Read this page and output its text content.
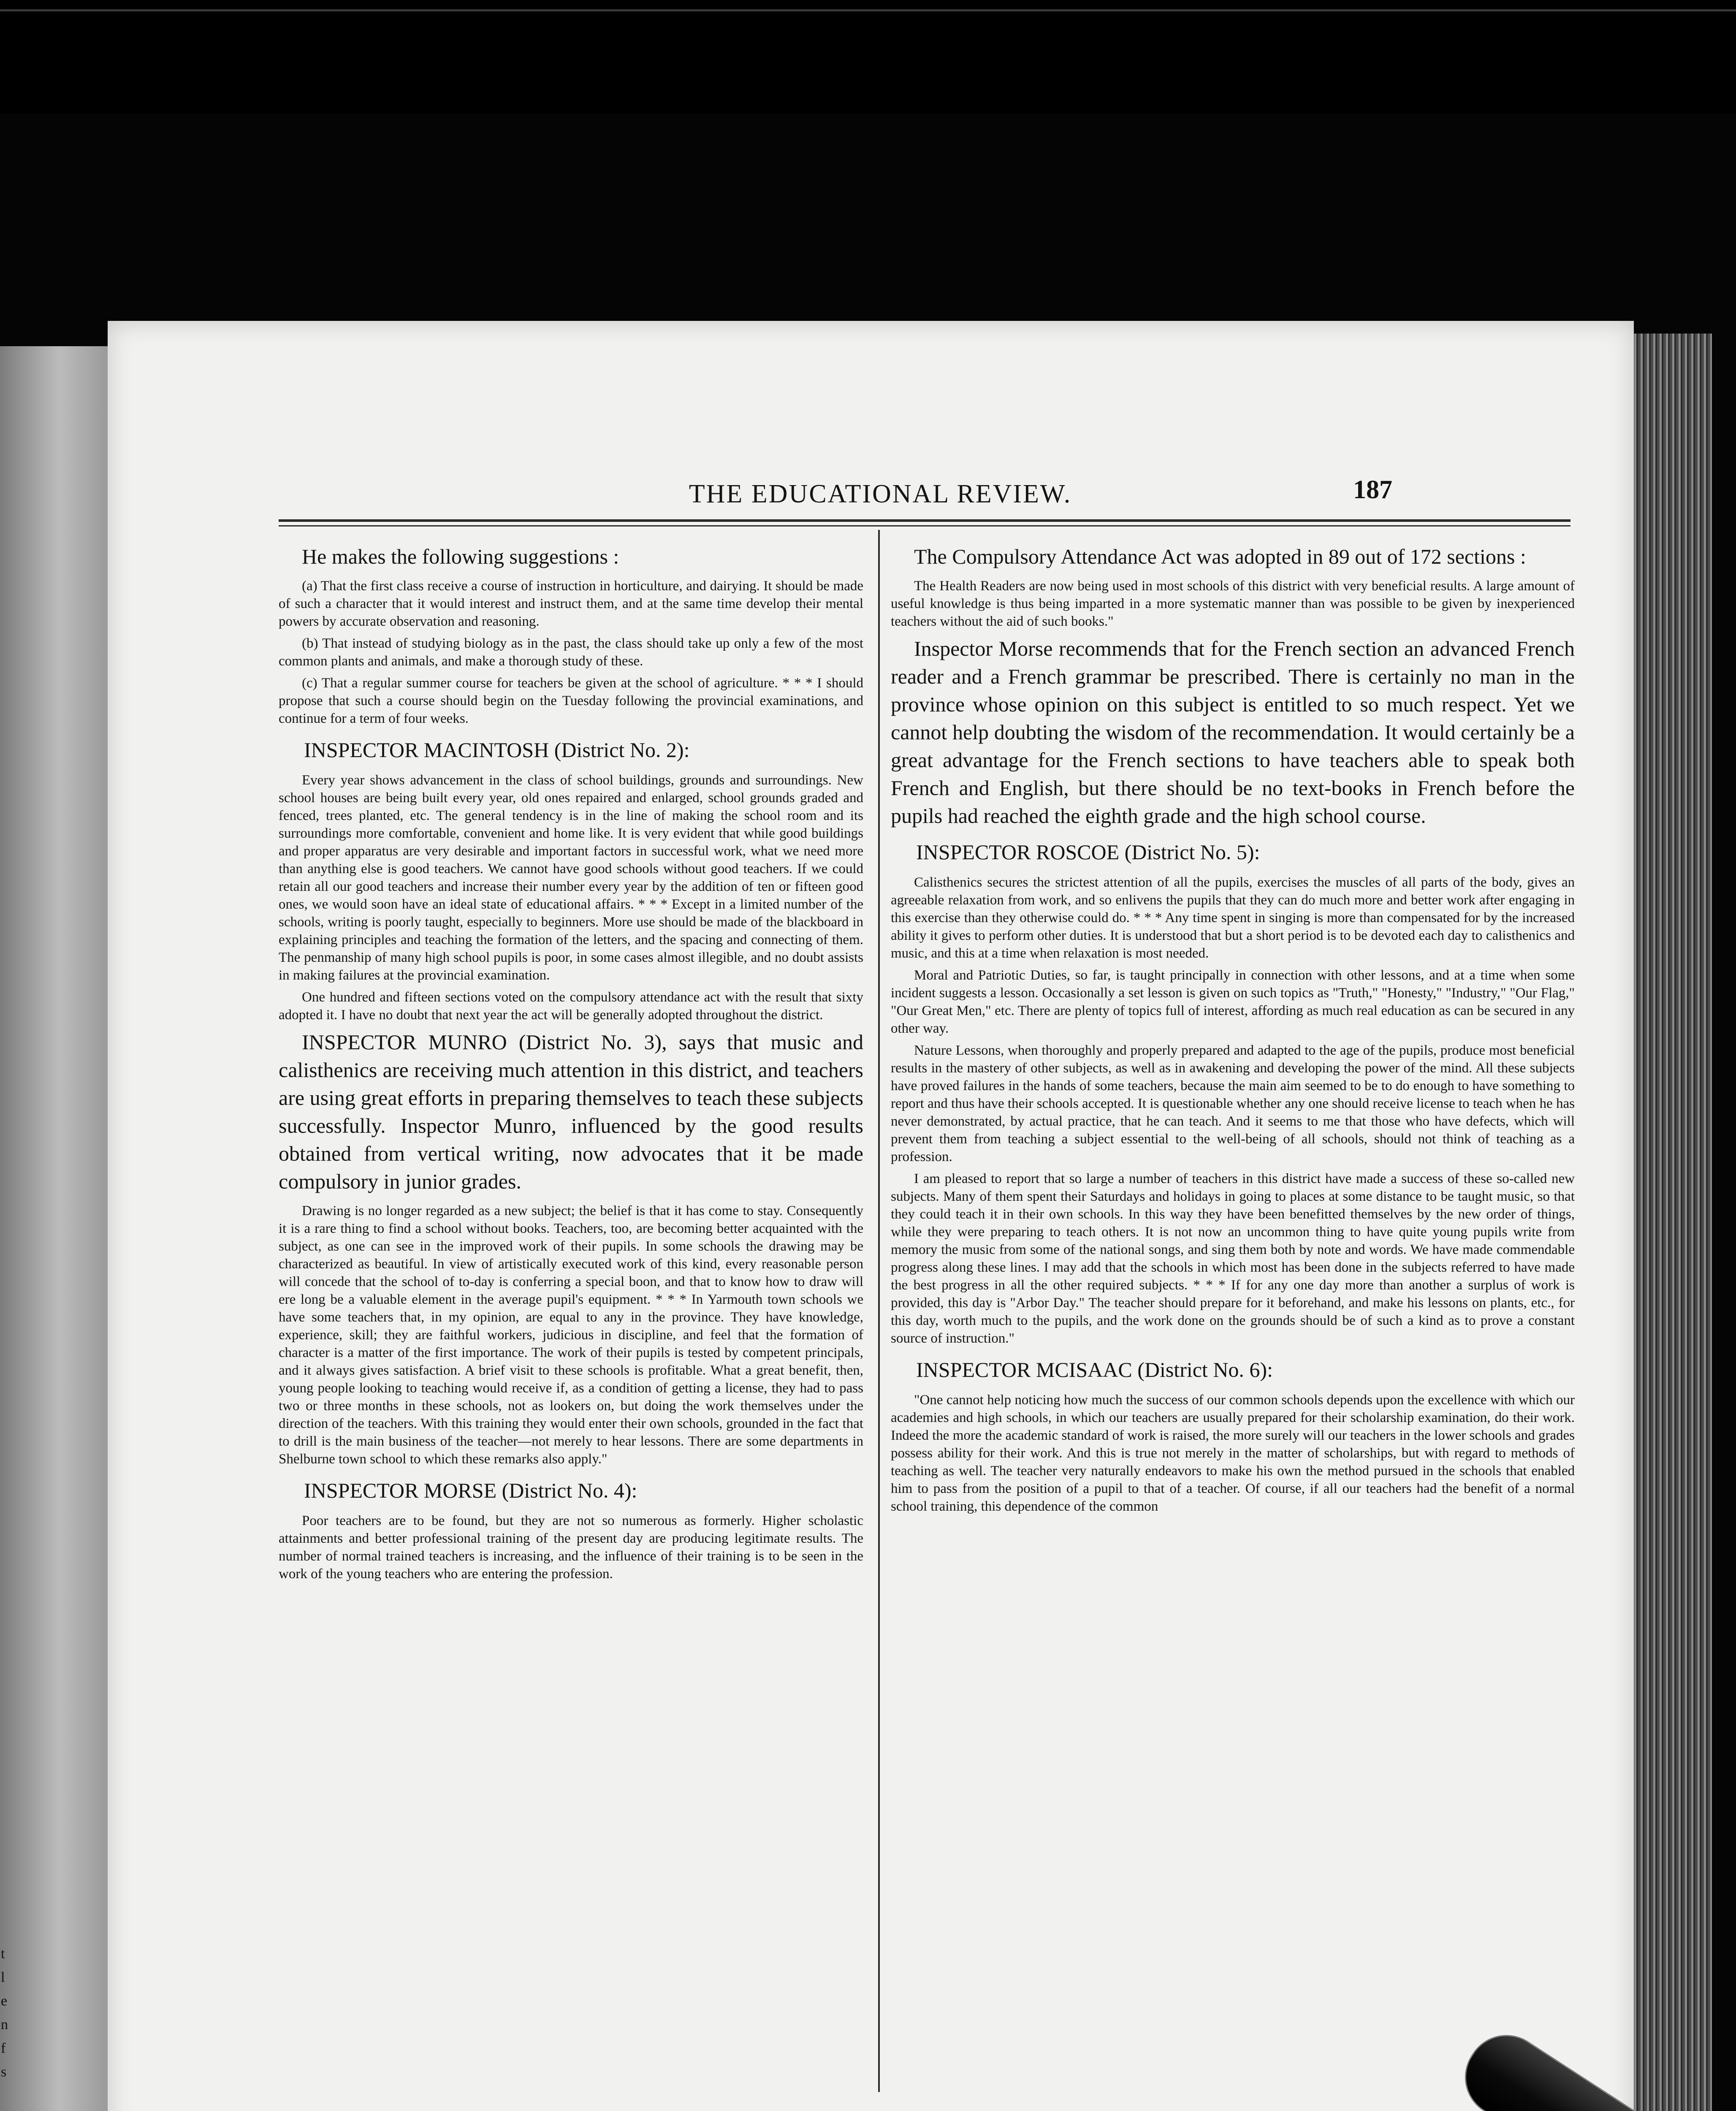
t
l
e
n
f
s
THE EDUCATIONAL REVIEW.	187

He makes the following suggestions :

(a) That the first class receive a course of instruction in horticulture, and dairying. It should be made of such a character that it would interest and instruct them, and at the same time develop their mental powers by accurate observation and reasoning.

(b) That instead of studying biology as in the past, the class should take up only a few of the most common plants and animals, and make a thorough study of these.

(c) That a regular summer course for teachers be given at the school of agriculture. * * * I should propose that such a course should begin on the Tuesday following the provincial examinations, and continue for a term of four weeks.

INSPECTOR MACINTOSH (District No. 2):

Every year shows advancement in the class of school buildings, grounds and surroundings. New school houses are being built every year, old ones repaired and enlarged, school grounds graded and fenced, trees planted, etc. The general tendency is in the line of making the school room and its surroundings more comfortable, convenient and home like. It is very evident that while good buildings and proper apparatus are very desirable and important factors in successful work, what we need more than anything else is good teachers. We cannot have good schools without good teachers. If we could retain all our good teachers and increase their number every year by the addition of ten or fifteen good ones, we would soon have an ideal state of educational affairs. * * * Except in a limited number of the schools, writing is poorly taught, especially to beginners. More use should be made of the blackboard in explaining principles and teaching the formation of the letters, and the spacing and connecting of them. The penmanship of many high school pupils is poor, in some cases almost illegible, and no doubt assists in making failures at the provincial examination.

One hundred and fifteen sections voted on the compulsory attendance act with the result that sixty adopted it. I have no doubt that next year the act will be generally adopted throughout the district.

INSPECTOR MUNRO (District No. 3), says that music and calisthenics are receiving much attention in this district, and teachers are using great efforts in preparing themselves to teach these subjects successfully. Inspector Munro, influenced by the good results obtained from vertical writing, now advocates that it be made compulsory in junior grades.

Drawing is no longer regarded as a new subject; the belief is that it has come to stay. Consequently it is a rare thing to find a school without books. Teachers, too, are becoming better acquainted with the subject, as one can see in the improved work of their pupils. In some schools the drawing may be characterized as beautiful. In view of artistically executed work of this kind, every reasonable person will concede that the school of to-day is conferring a special boon, and that to know how to draw will ere long be a valuable element in the average pupil's equipment. * * * In Yarmouth town schools we have some teachers that, in my opinion, are equal to any in the province. They have knowledge, experience, skill; they are faithful workers, judicious in discipline, and feel that the formation of character is a matter of the first importance. The work of their pupils is tested by competent principals, and it always gives satisfaction. A brief visit to these schools is profitable. What a great benefit, then, young people looking to teaching would receive if, as a condition of getting a license, they had to pass two or three months in these schools, not as lookers on, but doing the work themselves under the direction of the teachers. With this training they would enter their own schools, grounded in the fact that to drill is the main business of the teacher—not merely to hear lessons. There are some departments in Shelburne town school to which these remarks also apply."

INSPECTOR MORSE (District No. 4):

Poor teachers are to be found, but they are not so numerous as formerly. Higher scholastic attainments and better professional training of the present day are producing legitimate results. The number of normal trained teachers is increasing, and the influence of their training is to be seen in the work of the young teachers who are entering the profession.

The Compulsory Attendance Act was adopted in 89 out of 172 sections :

The Health Readers are now being used in most schools of this district with very beneficial results. A large amount of useful knowledge is thus being imparted in a more systematic manner than was possible to be given by inexperienced teachers without the aid of such books."

Inspector Morse recommends that for the French section an advanced French reader and a French grammar be prescribed. There is certainly no man in the province whose opinion on this subject is entitled to so much respect. Yet we cannot help doubting the wisdom of the recommendation. It would certainly be a great advantage for the French sections to have teachers able to speak both French and English, but there should be no text-books in French before the pupils had reached the eighth grade and the high school course.

INSPECTOR ROSCOE (District No. 5):

Calisthenics secures the strictest attention of all the pupils, exercises the muscles of all parts of the body, gives an agreeable relaxation from work, and so enlivens the pupils that they can do much more and better work after engaging in this exercise than they otherwise could do. * * * Any time spent in singing is more than compensated for by the increased ability it gives to perform other duties. It is understood that but a short period is to be devoted each day to calisthenics and music, and this at a time when relaxation is most needed.

Moral and Patriotic Duties, so far, is taught principally in connection with other lessons, and at a time when some incident suggests a lesson. Occasionally a set lesson is given on such topics as "Truth," "Honesty," "Industry," "Our Flag," "Our Great Men," etc. There are plenty of topics full of interest, affording as much real education as can be secured in any other way.

Nature Lessons, when thoroughly and properly prepared and adapted to the age of the pupils, produce most beneficial results in the mastery of other subjects, as well as in awakening and developing the power of the mind. All these subjects have proved failures in the hands of some teachers, because the main aim seemed to be to do enough to have something to report and thus have their schools accepted. It is questionable whether any one should receive license to teach when he has never demonstrated, by actual practice, that he can teach. And it seems to me that those who have defects, which will prevent them from teaching a subject essential to the well-being of all schools, should not think of teaching as a profession.

I am pleased to report that so large a number of teachers in this district have made a success of these so-called new subjects. Many of them spent their Saturdays and holidays in going to places at some distance to be taught music, so that they could teach it in their own schools. In this way they have been benefitted themselves by the new order of things, while they were preparing to teach others. It is not now an uncommon thing to have quite young pupils write from memory the music from some of the national songs, and sing them both by note and words. We have made commendable progress along these lines. I may add that the schools in which most has been done in the subjects referred to have made the best progress in all the other required subjects. * * * If for any one day more than another a surplus of work is provided, this day is "Arbor Day." The teacher should prepare for it beforehand, and make his lessons on plants, etc., for this day, worth much to the pupils, and the work done on the grounds should be of such a kind as to prove a constant source of instruction."

INSPECTOR MCISAAC (District No. 6):

"One cannot help noticing how much the success of our common schools depends upon the excellence with which our academies and high schools, in which our teachers are usually prepared for their scholarship examination, do their work. Indeed the more the academic standard of work is raised, the more surely will our teachers in the lower schools and grades possess ability for their work. And this is true not merely in the matter of scholarships, but with regard to methods of teaching as well. The teacher very naturally endeavors to make his own the method pursued in the schools that enabled him to pass from the position of a pupil to that of a teacher. Of course, if all our teachers had the benefit of a normal school training, this dependence of the common
